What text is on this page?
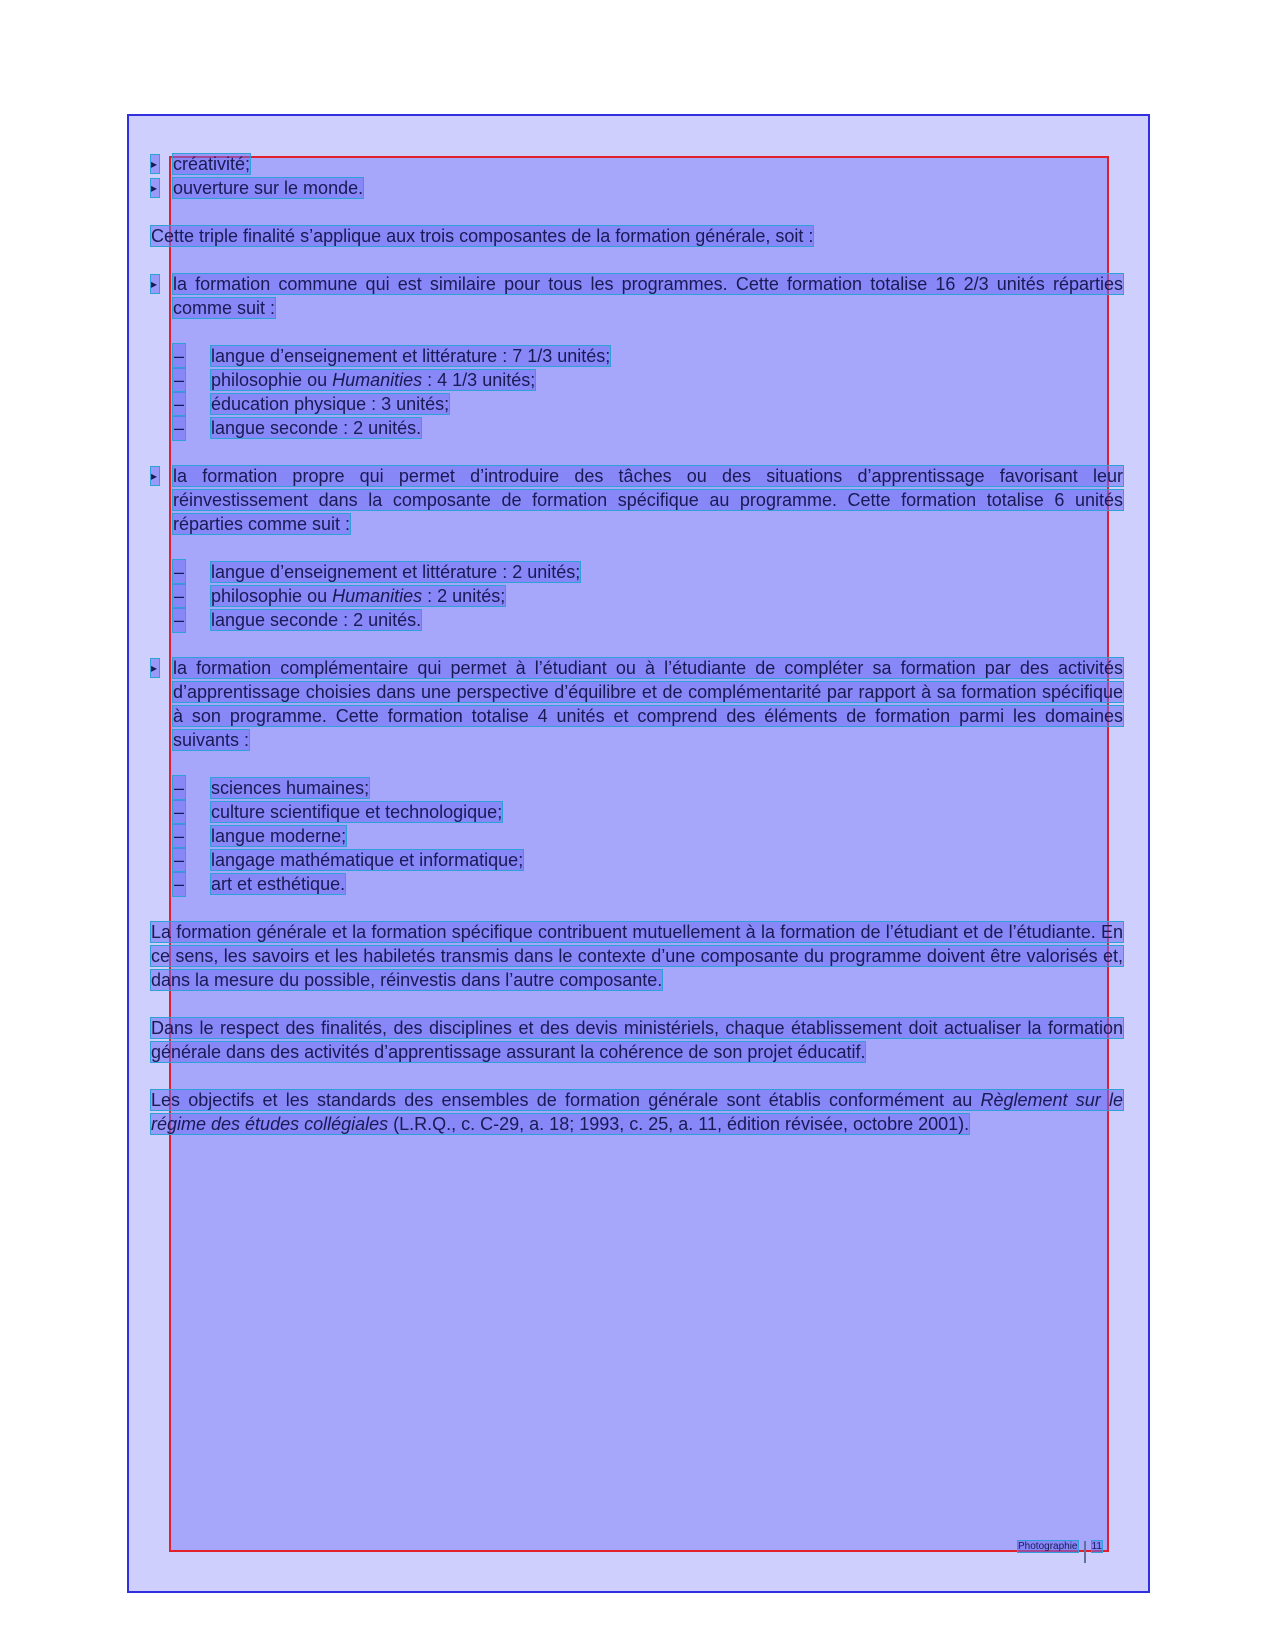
▸ créativité;
▸ ouverture sur le monde.

Cette triple finalité s’applique aux trois composantes de la formation générale, soit :

▸ la formation commune qui est similaire pour tous les programmes. Cette formation totalise 16 2/3 unités réparties comme suit :
– langue d’enseignement et littérature : 7 1/3 unités;
– philosophie ou Humanities : 4 1/3 unités;
– éducation physique : 3 unités;
– langue seconde : 2 unités.
▸ la formation propre qui permet d’introduire des tâches ou des situations d’apprentissage favorisant leur réinvestissement dans la composante de formation spécifique au programme. Cette formation totalise 6 unités réparties comme suit :
– langue d’enseignement et littérature : 2 unités;
– philosophie ou Humanities : 2 unités;
– langue seconde : 2 unités.
▸ la formation complémentaire qui permet à l’étudiant ou à l’étudiante de compléter sa formation par des activités d’apprentissage choisies dans une perspective d’équilibre et de complémentarité par rapport à sa formation spécifique à son programme. Cette formation totalise 4 unités et comprend des éléments de formation parmi les domaines suivants :
– sciences humaines;
– culture scientifique et technologique;
– langue moderne;
– langage mathématique et informatique;
– art et esthétique.

La formation générale et la formation spécifique contribuent mutuellement à la formation de l’étudiant et de l’étudiante. En ce sens, les savoirs et les habiletés transmis dans le contexte d’une composante du programme doivent être valorisés et, dans la mesure du possible, réinvestis dans l’autre composante.

Dans le respect des finalités, des disciplines et des devis ministériels, chaque établissement doit actualiser la formation générale dans des activités d’apprentissage assurant la cohérence de son projet éducatif.

Les objectifs et les standards des ensembles de formation générale sont établis conformément au Règlement sur le régime des études collégiales (L.R.Q., c. C-29, a. 18; 1993, c. 25, a. 11, édition révisée, octobre 2001).

Photographie 11
